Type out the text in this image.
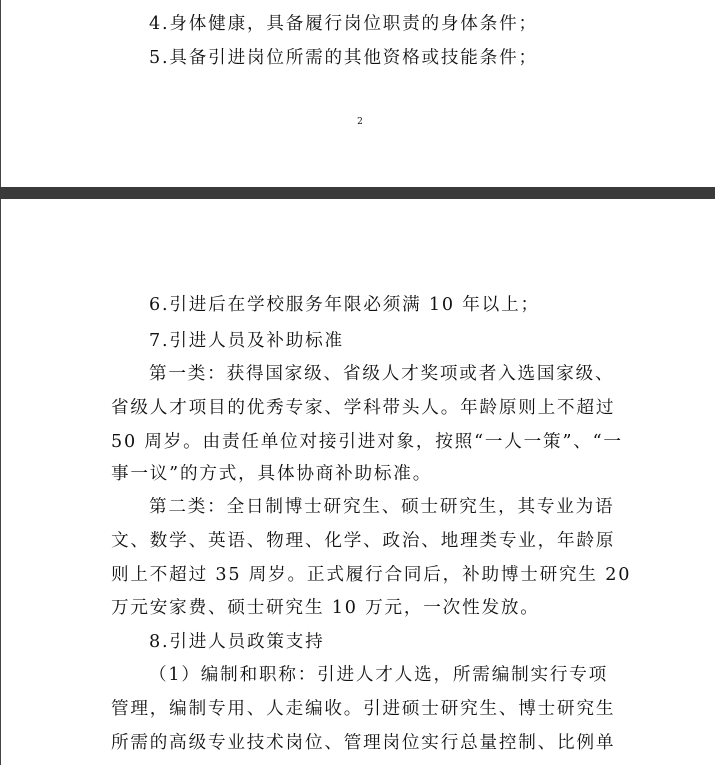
4.身体健康，具备履行岗位职责的身体条件；
5.具备引进岗位所需的其他资格或技能条件；
2
6.引进后在学校服务年限必须满 10 年以上；
7.引进人员及补助标准
第一类：获得国家级、省级人才奖项或者入选国家级、
省级人才项目的优秀专家、学科带头人。年龄原则上不超过
50 周岁。由责任单位对接引进对象，按照“一人一策”、“一
事一议”的方式，具体协商补助标准。
第二类：全日制博士研究生、硕士研究生，其专业为语
文、数学、英语、物理、化学、政治、地理类专业，年龄原
则上不超过 35 周岁。正式履行合同后，补助博士研究生 20
万元安家费、硕士研究生 10 万元，一次性发放。
8.引进人员政策支持
（1）编制和职称：引进人才人选，所需编制实行专项
管理，编制专用、人走编收。引进硕士研究生、博士研究生
所需的高级专业技术岗位、管理岗位实行总量控制、比例单
